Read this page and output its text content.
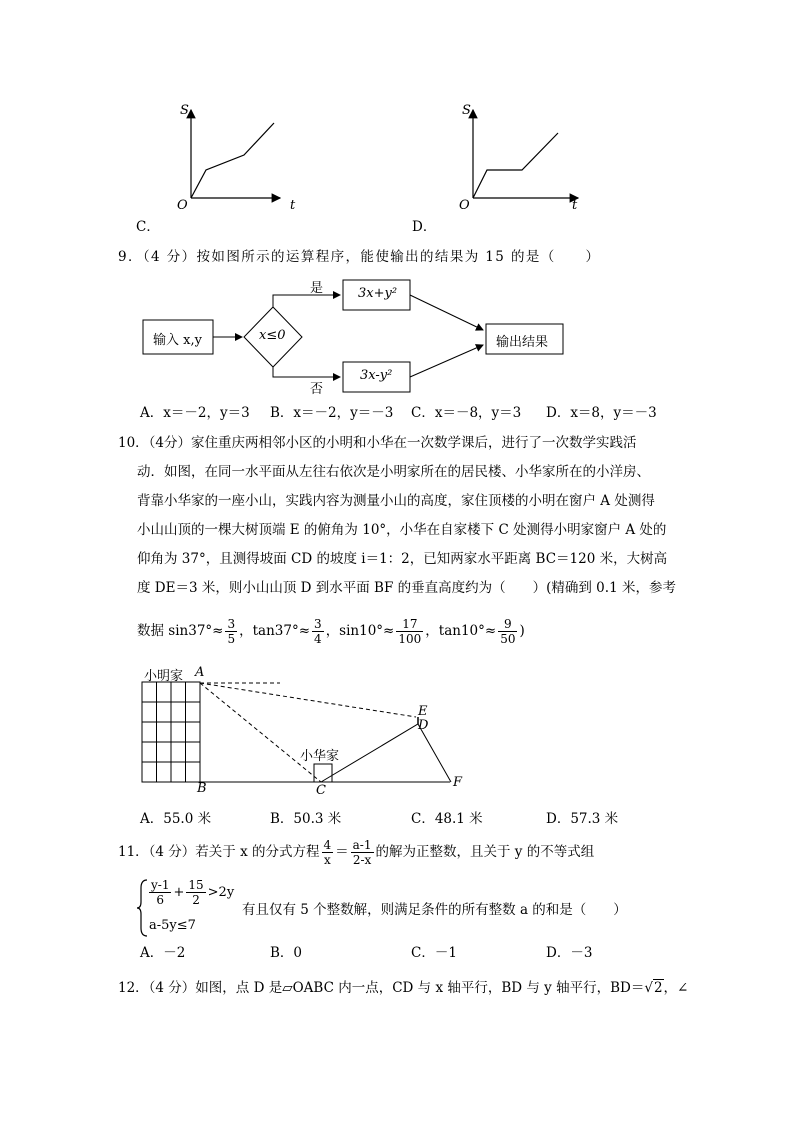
S
t
O
C．
S
t
O
D．
9．（4 分）按如图所示的运算程序，能使输出的结果为 15 的是（　　）
输入 x,y	x≤0
是
否
3x+y²
3x-y²
输出结果
A．x＝－2，y＝3 B．x＝－2，y＝－3 C．x＝－8，y＝3 D．x＝8，y＝－3
10．（4分）家住重庆两相邻小区的小明和小华在一次数学课后，进行了一次数学实践活
动．如图，在同一水平面从左往右依次是小明家所在的居民楼、小华家所在的小洋房、
背靠小华家的一座小山，实践内容为测量小山的高度，家住顶楼的小明在窗户 A 处测得
小山山顶的一棵大树顶端 E 的俯角为 10°，小华在自家楼下 C 处测得小明家窗户 A 处的
仰角为 37°，且测得坡面 CD 的坡度 i＝1：2，已知两家水平距离 BC＝120 米，大树高
度 DE＝3 米，则小山山顶 D 到水平面 BF 的垂直高度约为（　　）(精确到 0.1 米，参考
数据 $\sin 37^\circ\approx \frac{3}{5}$ ，$\tan 37^\circ\approx \frac{3}{4}$ ，$\sin 10^\circ\approx \frac{17}{100}$ ，$\tan 10^\circ\approx \frac{9}{50}$ )
小明家 A
B	C
小华家
E
D
F
A．55.0 米	B．50.3 米	C．48.1 米	D．57.3 米
11．（4 分）若关于 x 的分式方程 $\frac{4}{x} = \frac{a-1}{2-x}$ 的解为正整数，且关于 y 的不等式组
$\frac{y-1}{6} + \frac{15}{2} >2y$
a-5y≤7
有且仅有 5 个整数解，则满足条件的所有整数 a 的和是（　　）
A．－2	B．0	C．－1	D．－3
12．（4 分）如图，点 D 是▱OABC 内一点，CD 与 x 轴平行，BD 与 y 轴平行，BD＝√2，∠
